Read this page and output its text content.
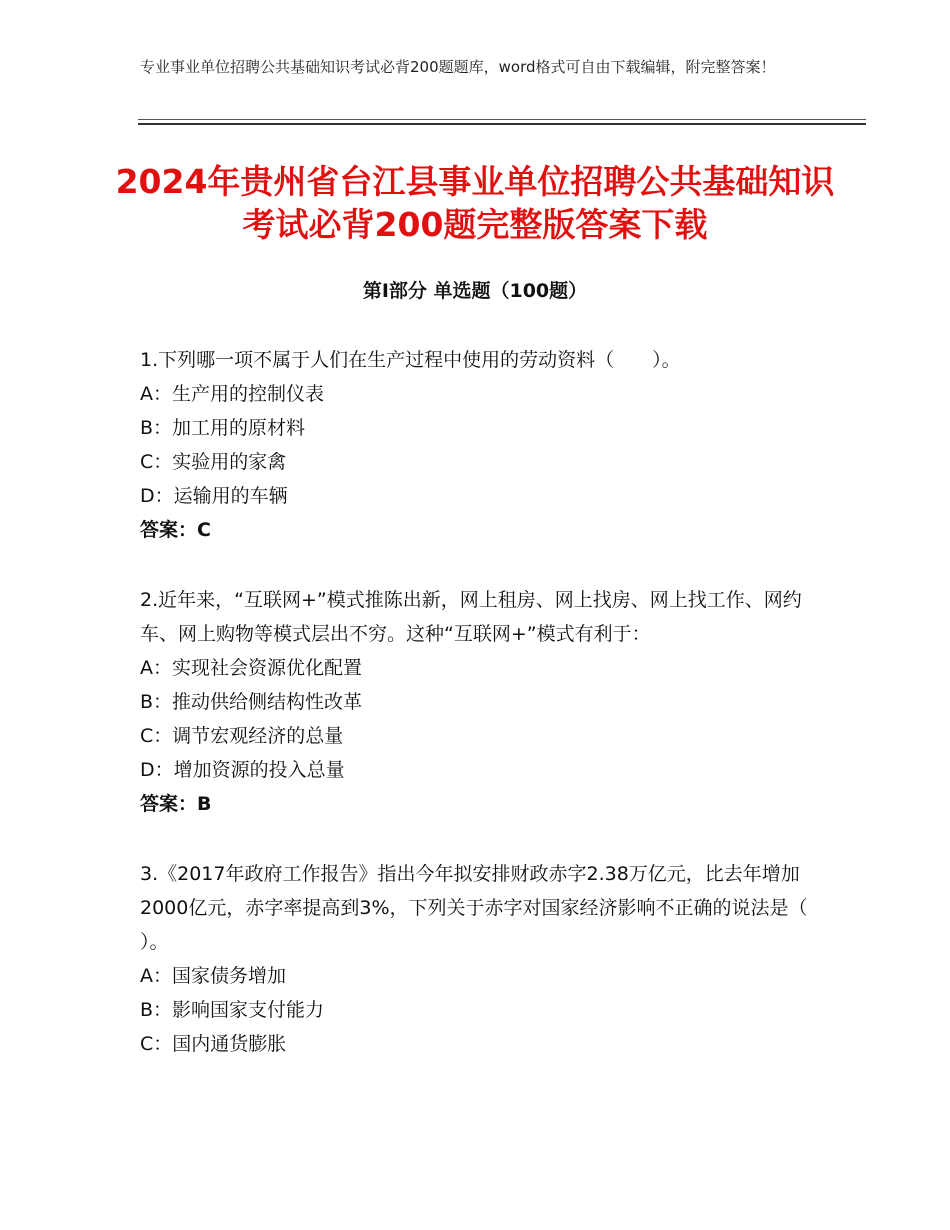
专业事业单位招聘公共基础知识考试必背200题题库，word格式可自由下载编辑，附完整答案！
2024年贵州省台江县事业单位招聘公共基础知识考试必背200题完整版答案下载
第Ⅰ部分 单选题（100题）

1.下列哪一项不属于人们在生产过程中使用的劳动资料（　　）。

A：生产用的控制仪表

B：加工用的原材料

C：实验用的家禽

D：运输用的车辆

答案：C

2.近年来，“互联网+”模式推陈出新，网上租房、网上找房、网上找工作、网约车、网上购物等模式层出不穷。这种“互联网+”模式有利于：

A：实现社会资源优化配置

B：推动供给侧结构性改革

C：调节宏观经济的总量

D：增加资源的投入总量

答案：B

3.《2017年政府工作报告》指出今年拟安排财政赤字2.38万亿元，比去年增加2000亿元，赤字率提高到3%，下列关于赤字对国家经济影响不正确的说法是（ ）。

A：国家债务增加

B：影响国家支付能力

C：国内通货膨胀
